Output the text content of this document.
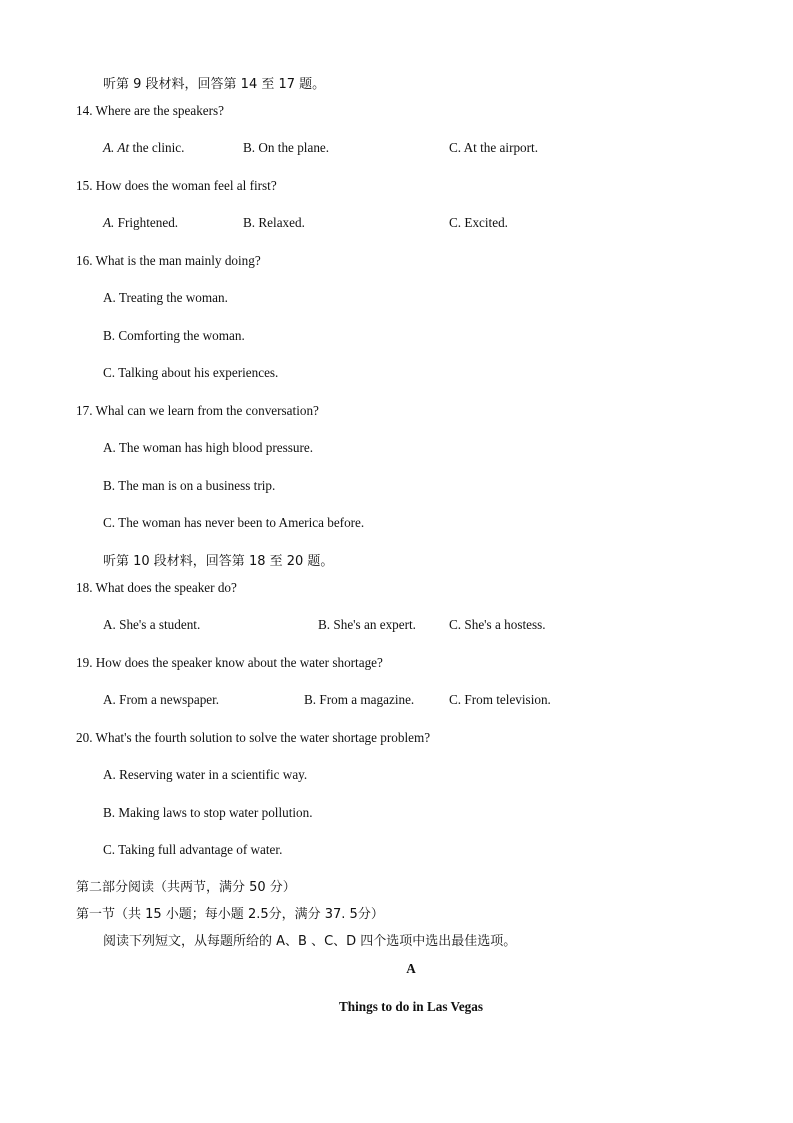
听第 9 段材料，回答第 14 至 17 题。
14. Where are the speakers?
A. At the clinic.	B. On the plane.	C. At the airport.
15. How does the woman feel al first?
A. Frightened.	B. Relaxed.	C. Excited.
16. What is the man mainly doing?
A. Treating the woman.
B. Comforting the woman.
C. Talking about his experiences.
17. Whal can we learn from the conversation?
A. The woman has high blood pressure.
B. The man is on a business trip.
C. The woman has never been to America before.
听第 10 段材料，回答第 18 至 20 题。
18. What does the speaker do?
A. She's a student.	B. She's an expert.	C. She's a hostess.
19. How does the speaker know about the water shortage?
A. From a newspaper.	B. From a magazine.	C. From television.
20. What's the fourth solution to solve the water shortage problem?
A. Reserving water in a scientific way.
B. Making laws to stop water pollution.
C. Taking full advantage of water.
第二部分阅读（共两节，满分 50 分）
第一节（共 15 小题；每小题 2.5分，满分 37. 5分）
阅读下列短文，从每题所给的 A、B 、C、D 四个选项中选出最佳选项。
A
Things to do in Las Vegas
